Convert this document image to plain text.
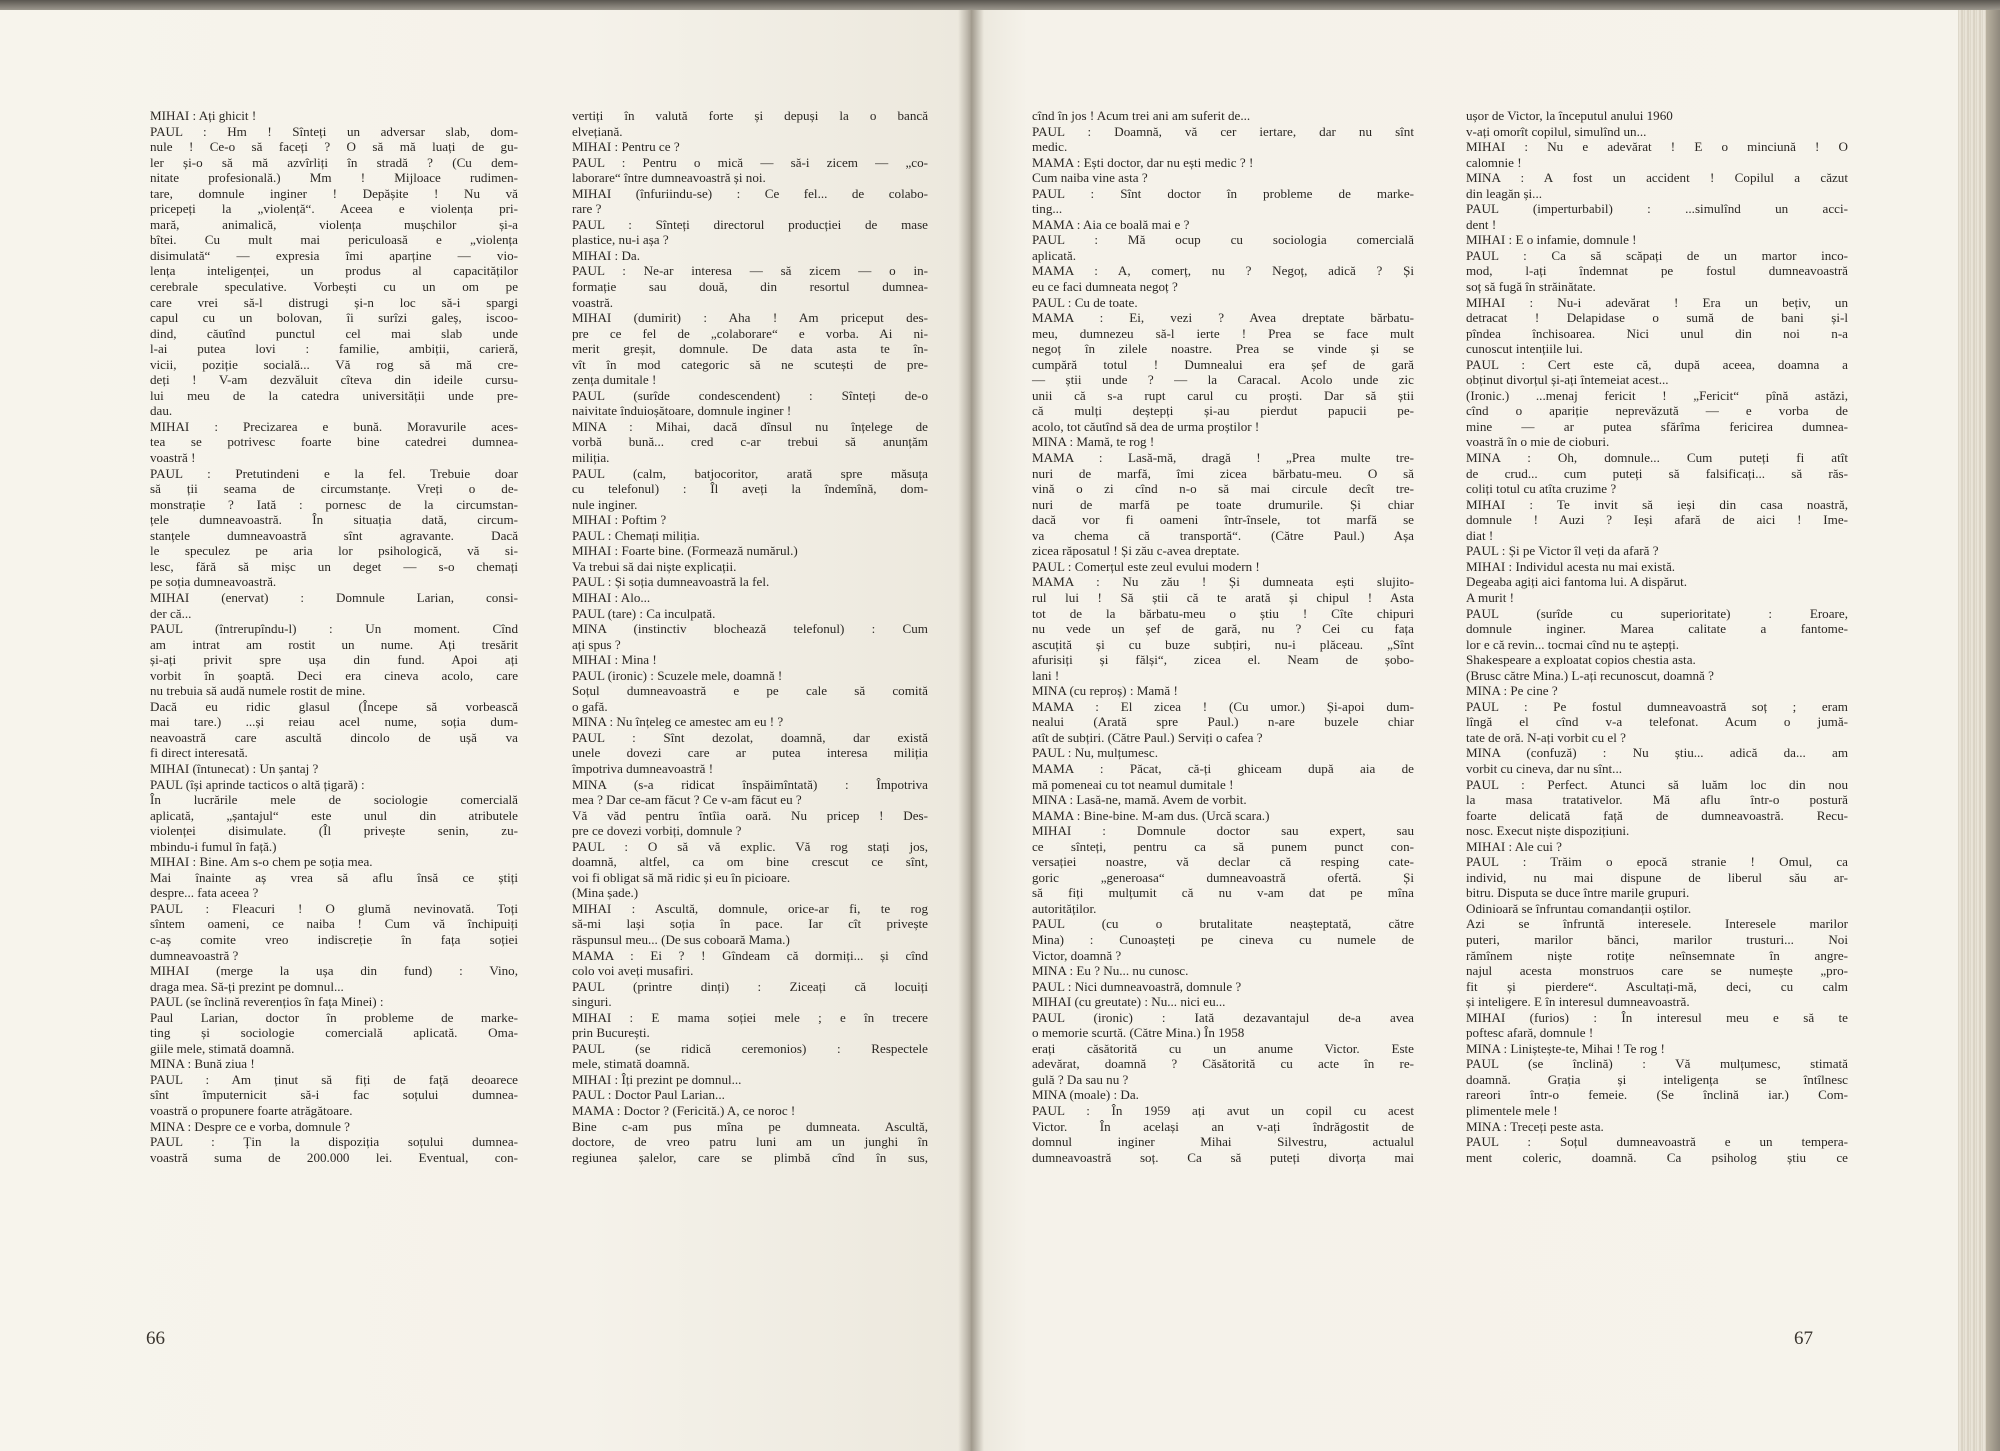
MIHAI : Ați ghicit !

PAUL : Hm ! Sînteți un adversar slab, dom-

nule ! Ce-o să faceți ? O să mă luați de gu-

ler și-o să mă azvîrliți în stradă ? (Cu dem-

nitate profesională.) Mm ! Mijloace rudimen-

tare, domnule inginer ! Depășite ! Nu vă

pricepeți la „violență“. Aceea e violența pri-

mară, animalică, violența mușchilor și-a

bîtei. Cu mult mai periculoasă e „violența

disimulată“ — expresia îmi aparține — vio-

lența inteligenței, un produs al capacităților

cerebrale speculative. Vorbești cu un om pe

care vrei să-l distrugi și-n loc să-i spargi

capul cu un bolovan, îi surîzi galeș, iscoo-

dind, căutînd punctul cel mai slab unde

l-ai putea lovi : familie, ambiții, carieră,

vicii, poziție socială... Vă rog să mă cre-

deți ! V-am dezvăluit cîteva din ideile cursu-

lui meu de la catedra universității unde pre-

dau.

MIHAI : Precizarea e bună. Moravurile aces-

tea se potrivesc foarte bine catedrei dumnea-

voastră !

PAUL : Pretutindeni e la fel. Trebuie doar

să ții seama de circumstanțe. Vreți o de-

monstrație ? Iată : pornesc de la circumstan-

țele dumneavoastră. În situația dată, circum-

stanțele dumneavoastră sînt agravante. Dacă

le speculez pe aria lor psihologică, vă si-

lesc, fără să mișc un deget — s-o chemați

pe soția dumneavoastră.

MIHAI (enervat) : Domnule Larian, consi-

der că...

PAUL (întrerupîndu-l) : Un moment. Cînd

am intrat am rostit un nume. Ați tresărit

și-ați privit spre ușa din fund. Apoi ați

vorbit în șoaptă. Deci era cineva acolo, care

nu trebuia să audă numele rostit de mine.

Dacă eu ridic glasul (Începe să vorbească

mai tare.) ...și reiau acel nume, soția dum-

neavoastră care ascultă dincolo de ușă va

fi direct interesată.

MIHAI (întunecat) : Un șantaj ?

PAUL (își aprinde tacticos o altă țigară) :

În lucrările mele de sociologie comercială

aplicată, „șantajul“ este unul din atributele

violenței disimulate. (Îl privește senin, zu-

mbindu-i fumul în față.)

MIHAI : Bine. Am s-o chem pe soția mea.

Mai înainte aș vrea să aflu însă ce știți

despre... fata aceea ?

PAUL : Fleacuri ! O glumă nevinovată. Toți

sîntem oameni, ce naiba ! Cum vă închipuiți

c-aș comite vreo indiscreție în fața soției

dumneavoastră ?

MIHAI (merge la ușa din fund) : Vino,

draga mea. Să-ți prezint pe domnul...

PAUL (se înclină reverențios în fața Minei) :

Paul Larian, doctor în probleme de marke-

ting și sociologie comercială aplicată. Oma-

giile mele, stimată doamnă.

MINA : Bună ziua !

PAUL : Am ținut să fiți de față deoarece

sînt împuternicit să-i fac soțului dumnea-

voastră o propunere foarte atrăgătoare.

MINA : Despre ce e vorba, domnule ?

PAUL : Țin la dispoziția soțului dumnea-

voastră suma de 200.000 lei. Eventual, con-

vertiți în valută forte și depuși la o bancă

elvețiană.

MIHAI : Pentru ce ?

PAUL : Pentru o mică — să-i zicem — „co-

laborare“ între dumneavoastră și noi.

MIHAI (înfuriindu-se) : Ce fel... de colabo-

rare ?

PAUL : Sînteți directorul producției de mase

plastice, nu-i așa ?

MIHAI : Da.

PAUL : Ne-ar interesa — să zicem — o in-

formație sau două, din resortul dumnea-

voastră.

MIHAI (dumirit) : Aha ! Am priceput des-

pre ce fel de „colaborare“ e vorba. Ai ni-

merit greșit, domnule. De data asta te în-

vît în mod categoric să ne scutești de pre-

zența dumitale !

PAUL (surîde condescendent) : Sînteți de-o

naivitate înduioșătoare, domnule inginer !

MINA : Mihai, dacă dînsul nu înțelege de

vorbă bună... cred c-ar trebui să anunțăm

miliția.

PAUL (calm, batjocoritor, arată spre măsuța

cu telefonul) : Îl aveți la îndemînă, dom-

nule inginer.

MIHAI : Poftim ?

PAUL : Chemați miliția.

MIHAI : Foarte bine. (Formează numărul.)

Va trebui să dai niște explicații.

PAUL : Și soția dumneavoastră la fel.

MIHAI : Alo...

PAUL (tare) : Ca inculpată.

MINA (instinctiv blochează telefonul) : Cum

ați spus ?

MIHAI : Mina !

PAUL (ironic) : Scuzele mele, doamnă !

Soțul dumneavoastră e pe cale să comită

o gafă.

MINA : Nu înțeleg ce amestec am eu ! ?

PAUL : Sînt dezolat, doamnă, dar există

unele dovezi care ar putea interesa miliția

împotriva dumneavoastră !

MINA (s-a ridicat înspăimîntată) : Împotriva

mea ? Dar ce-am făcut ? Ce v-am făcut eu ?

Vă văd pentru întîia oară. Nu pricep ! Des-

pre ce dovezi vorbiți, domnule ?

PAUL : O să vă explic. Vă rog stați jos,

doamnă, altfel, ca om bine crescut ce sînt,

voi fi obligat să mă ridic și eu în picioare.

(Mina șade.)

MIHAI : Ascultă, domnule, orice-ar fi, te rog

să-mi lași soția în pace. Iar cît privește

răspunsul meu... (De sus coboară Mama.)

MAMA : Ei ? ! Gîndeam că dormiți... și cînd

colo voi aveți musafiri.

PAUL (printre dinți) : Ziceați că locuiți

singuri.

MIHAI : E mama soției mele ; e în trecere

prin București.

PAUL (se ridică ceremonios) : Respectele

mele, stimată doamnă.

MIHAI : Îți prezint pe domnul...

PAUL : Doctor Paul Larian...

MAMA : Doctor ? (Fericită.) A, ce noroc !

Bine c-am pus mîna pe dumneata. Ascultă,

doctore, de vreo patru luni am un junghi în

regiunea șalelor, care se plimbă cînd în sus,

66

cînd în jos ! Acum trei ani am suferit de...

PAUL : Doamnă, vă cer iertare, dar nu sînt

medic.

MAMA : Ești doctor, dar nu ești medic ? !

Cum naiba vine asta ?

PAUL : Sînt doctor în probleme de marke-

ting...

MAMA : Aia ce boală mai e ?

PAUL : Mă ocup cu sociologia comercială

aplicată.

MAMA : A, comerț, nu ? Negoț, adică ? Și

eu ce faci dumneata negoț ?

PAUL : Cu de toate.

MAMA : Ei, vezi ? Avea dreptate bărbatu-

meu, dumnezeu să-l ierte ! Prea se face mult

negoț în zilele noastre. Prea se vinde și se

cumpără totul ! Dumnealui era șef de gară

— știi unde ? — la Caracal. Acolo unde zic

unii că s-a rupt carul cu proști. Dar să știi

că mulți deștepți și-au pierdut papucii pe-

acolo, tot căutînd să dea de urma proștilor !

MINA : Mamă, te rog !

MAMA : Lasă-mă, dragă ! „Prea multe tre-

nuri de marfă, îmi zicea bărbatu-meu. O să

vină o zi cînd n-o să mai circule decît tre-

nuri de marfă pe toate drumurile. Și chiar

dacă vor fi oameni într-însele, tot marfă se

va chema că transportă“. (Către Paul.) Așa

zicea răposatul ! Și zău c-avea dreptate.

PAUL : Comerțul este zeul evului modern !

MAMA : Nu zău ! Și dumneata ești slujito-

rul lui ! Să știi că te arată și chipul ! Asta

tot de la bărbatu-meu o știu ! Cîte chipuri

nu vede un șef de gară, nu ? Cei cu fața

ascuțită și cu buze subțiri, nu-i plăceau. „Sînt

afurisiți și fălși“, zicea el. Neam de șobo-

lani !

MINA (cu reproș) : Mamă !

MAMA : El zicea ! (Cu umor.) Și-apoi dum-

nealui (Arată spre Paul.) n-are buzele chiar

atît de subțiri. (Către Paul.) Serviți o cafea ?

PAUL : Nu, mulțumesc.

MAMA : Păcat, că-ți ghiceam după aia de

mă pomeneai cu tot neamul dumitale !

MINA : Lasă-ne, mamă. Avem de vorbit.

MAMA : Bine-bine. M-am dus. (Urcă scara.)

MIHAI : Domnule doctor sau expert, sau

ce sînteți, pentru ca să punem punct con-

versației noastre, vă declar că resping cate-

goric „generoasa“ dumneavoastră ofertă. Și

să fiți mulțumit că nu v-am dat pe mîna

autorităților.

PAUL (cu o brutalitate neașteptată, către

Mina) : Cunoașteți pe cineva cu numele de

Victor, doamnă ?

MINA : Eu ? Nu... nu cunosc.

PAUL : Nici dumneavoastră, domnule ?

MIHAI (cu greutate) : Nu... nici eu...

PAUL (ironic) : Iată dezavantajul de-a avea

o memorie scurtă. (Către Mina.) În 1958

erați căsătorită cu un anume Victor. Este

adevărat, doamnă ? Căsătorită cu acte în re-

gulă ? Da sau nu ?

MINA (moale) : Da.

PAUL : În 1959 ați avut un copil cu acest

Victor. În același an v-ați îndrăgostit de

domnul inginer Mihai Silvestru, actualul

dumneavoastră soț. Ca să puteți divorța mai

ușor de Victor, la începutul anului 1960

v-ați omorît copilul, simulînd un...

MIHAI : Nu e adevărat ! E o minciună ! O

calomnie !

MINA : A fost un accident ! Copilul a căzut

din leagăn și...

PAUL (imperturbabil) : ...simulînd un acci-

dent !

MIHAI : E o infamie, domnule !

PAUL : Ca să scăpați de un martor inco-

mod, l-ați îndemnat pe fostul dumneavoastră

soț să fugă în străinătate.

MIHAI : Nu-i adevărat ! Era un bețiv, un

detracat ! Delapidase o sumă de bani și-l

pîndea închisoarea. Nici unul din noi n-a

cunoscut intențiile lui.

PAUL : Cert este că, după aceea, doamna a

obținut divorțul și-ați întemeiat acest...

(Ironic.) ...menaj fericit ! „Fericit“ pînă astăzi,

cînd o apariție neprevăzută — e vorba de

mine — ar putea sfărîma fericirea dumnea-

voastră în o mie de cioburi.

MINA : Oh, domnule... Cum puteți fi atît

de crud... cum puteți să falsificați... să răs-

coliți totul cu atîta cruzime ?

MIHAI : Te invit să ieși din casa noastră,

domnule ! Auzi ? Ieși afară de aici ! Ime-

diat !

PAUL : Și pe Victor îl veți da afară ?

MIHAI : Individul acesta nu mai există.

Degeaba agiți aici fantoma lui. A dispărut.

A murit !

PAUL (surîde cu superioritate) : Eroare,

domnule inginer. Marea calitate a fantome-

lor e că revin... tocmai cînd nu te aștepți.

Shakespeare a exploatat copios chestia asta.

(Brusc către Mina.) L-ați recunoscut, doamnă ?

MINA : Pe cine ?

PAUL : Pe fostul dumneavoastră soț ; eram

lîngă el cînd v-a telefonat. Acum o jumă-

tate de oră. N-ați vorbit cu el ?

MINA (confuză) : Nu știu... adică da... am

vorbit cu cineva, dar nu sînt...

PAUL : Perfect. Atunci să luăm loc din nou

la masa tratativelor. Mă aflu într-o postură

foarte delicată față de dumneavoastră. Recu-

nosc. Execut niște dispozițiuni.

MIHAI : Ale cui ?

PAUL : Trăim o epocă stranie ! Omul, ca

individ, nu mai dispune de liberul său ar-

bitru. Disputa se duce între marile grupuri.

Odinioară se înfruntau comandanții oștilor.

Azi se înfruntă interesele. Interesele marilor

puteri, marilor bănci, marilor trusturi... Noi

rămînem niște rotițe neînsemnate în angre-

najul acesta monstruos care se numește „pro-

fit și pierdere“. Ascultați-mă, deci, cu calm

și inteligere. E în interesul dumneavoastră.

MIHAI (furios) : În interesul meu e să te

poftesc afară, domnule !

MINA : Liniștește-te, Mihai ! Te rog !

PAUL (se înclină) : Vă mulțumesc, stimată

doamnă. Grația și inteligența se întîlnesc

rareori într-o femeie. (Se înclină iar.) Com-

plimentele mele !

MINA : Treceți peste asta.

PAUL : Soțul dumneavoastră e un tempera-

ment coleric, doamnă. Ca psiholog știu ce

67
